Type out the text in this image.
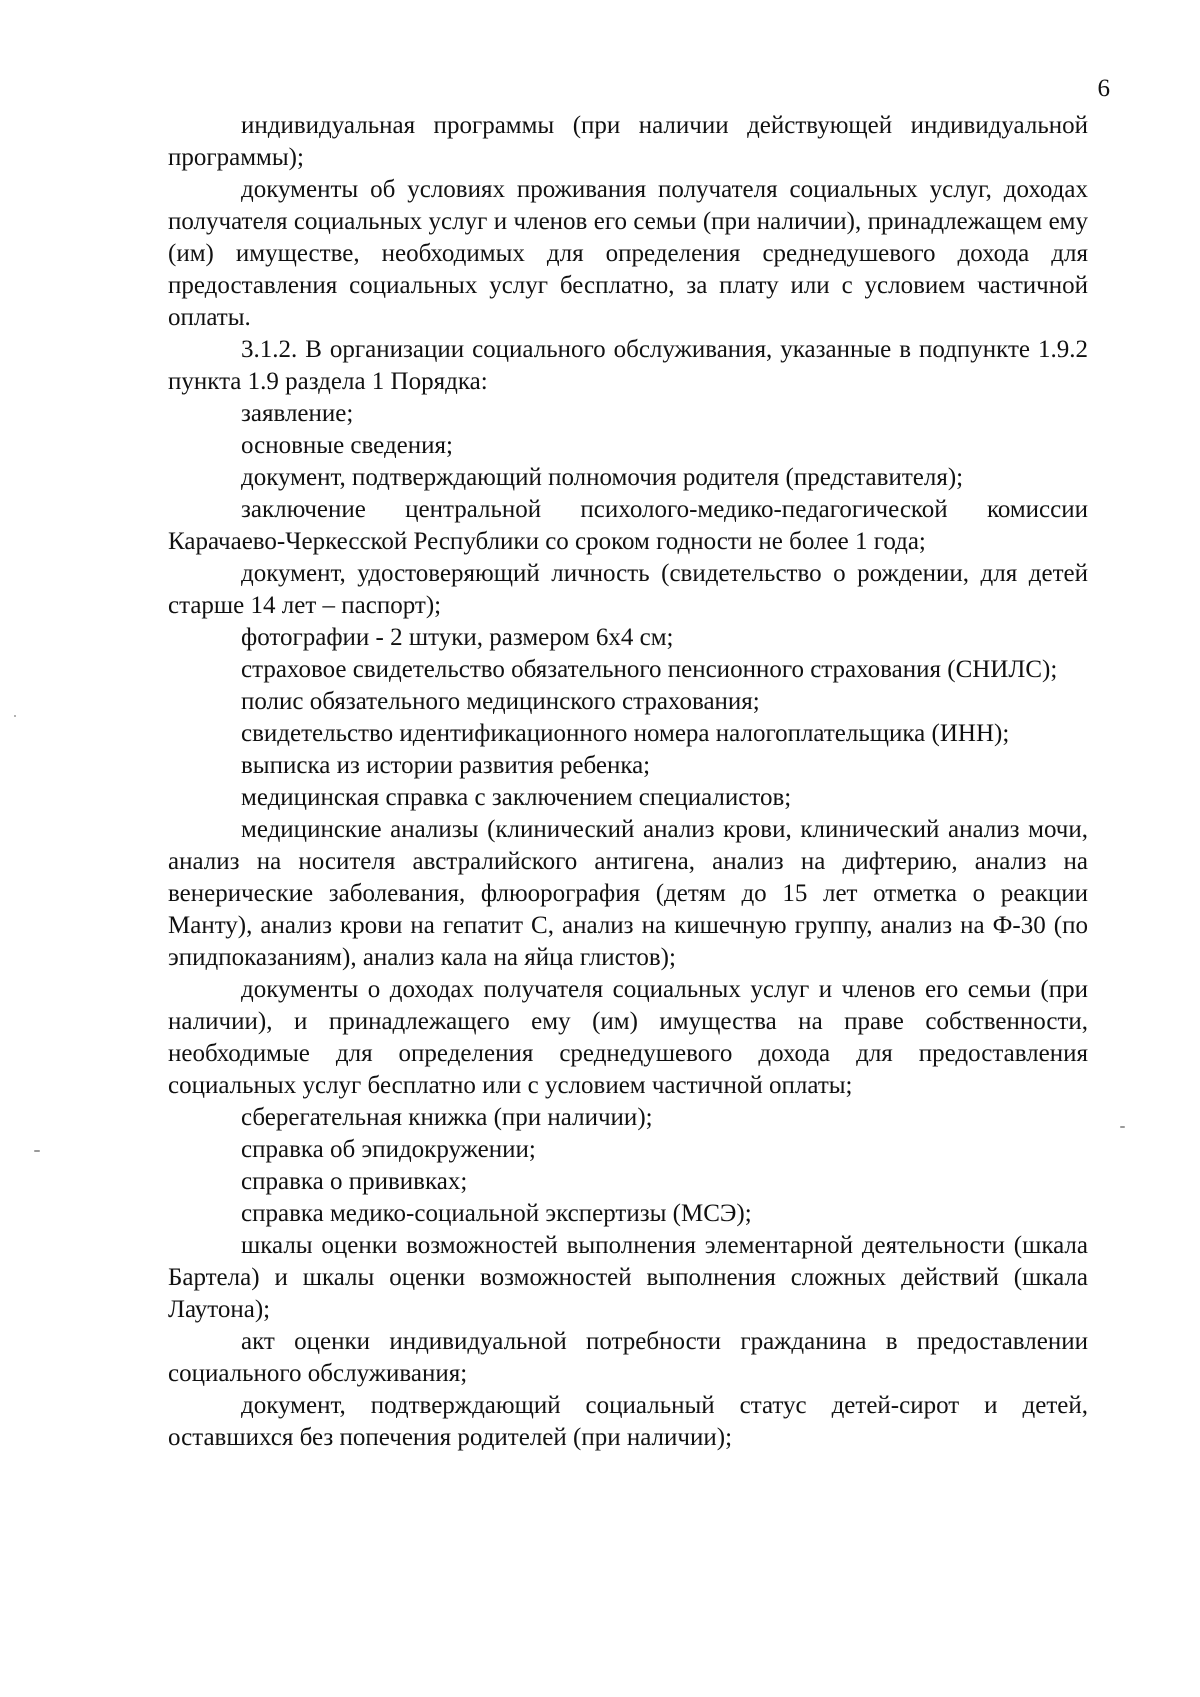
6

индивидуальная программы (при наличии действующей индивидуальной программы);

документы об условиях проживания получателя социальных услуг, доходах получателя социальных услуг и членов его семьи (при наличии), принадлежащем ему (им) имуществе, необходимых для определения среднедушевого дохода для предоставления социальных услуг бесплатно, за плату или с условием частичной оплаты.

3.1.2. В организации социального обслуживания, указанные в подпункте 1.9.2 пункта 1.9 раздела 1 Порядка:

заявление;

основные сведения;

документ, подтверждающий полномочия родителя (представителя);

заключение центральной психолого-медико-педагогической комиссии Карачаево-Черкесской Республики со сроком годности не более 1 года;

документ, удостоверяющий личность (свидетельство о рождении, для детей старше 14 лет – паспорт);

фотографии - 2 штуки, размером 6х4 см;

страховое свидетельство обязательного пенсионного страхования (СНИЛС);

полис обязательного медицинского страхования;

свидетельство идентификационного номера налогоплательщика (ИНН);

выписка из истории развития ребенка;

медицинская справка с заключением специалистов;

медицинские анализы (клинический анализ крови, клинический анализ мочи, анализ на носителя австралийского антигена, анализ на дифтерию, анализ на венерические заболевания, флюорография (детям до 15 лет отметка о реакции Манту), анализ крови на гепатит С, анализ на кишечную группу, анализ на Ф-30 (по эпидпоказаниям), анализ кала на яйца глистов);

документы о доходах получателя социальных услуг и членов его семьи (при наличии), и принадлежащего ему (им) имущества на праве собственности, необходимые для определения среднедушевого дохода для предоставления социальных услуг бесплатно или с условием частичной оплаты;

сберегательная книжка (при наличии);

справка об эпидокружении;

справка о прививках;

справка медико-социальной экспертизы (МСЭ);

шкалы оценки возможностей выполнения элементарной деятельности (шкала Бартела) и шкалы оценки возможностей выполнения сложных действий (шкала Лаутона);

акт оценки индивидуальной потребности гражданина в предоставлении социального обслуживания;

документ, подтверждающий социальный статус детей-сирот и детей, оставшихся без попечения родителей (при наличии);
